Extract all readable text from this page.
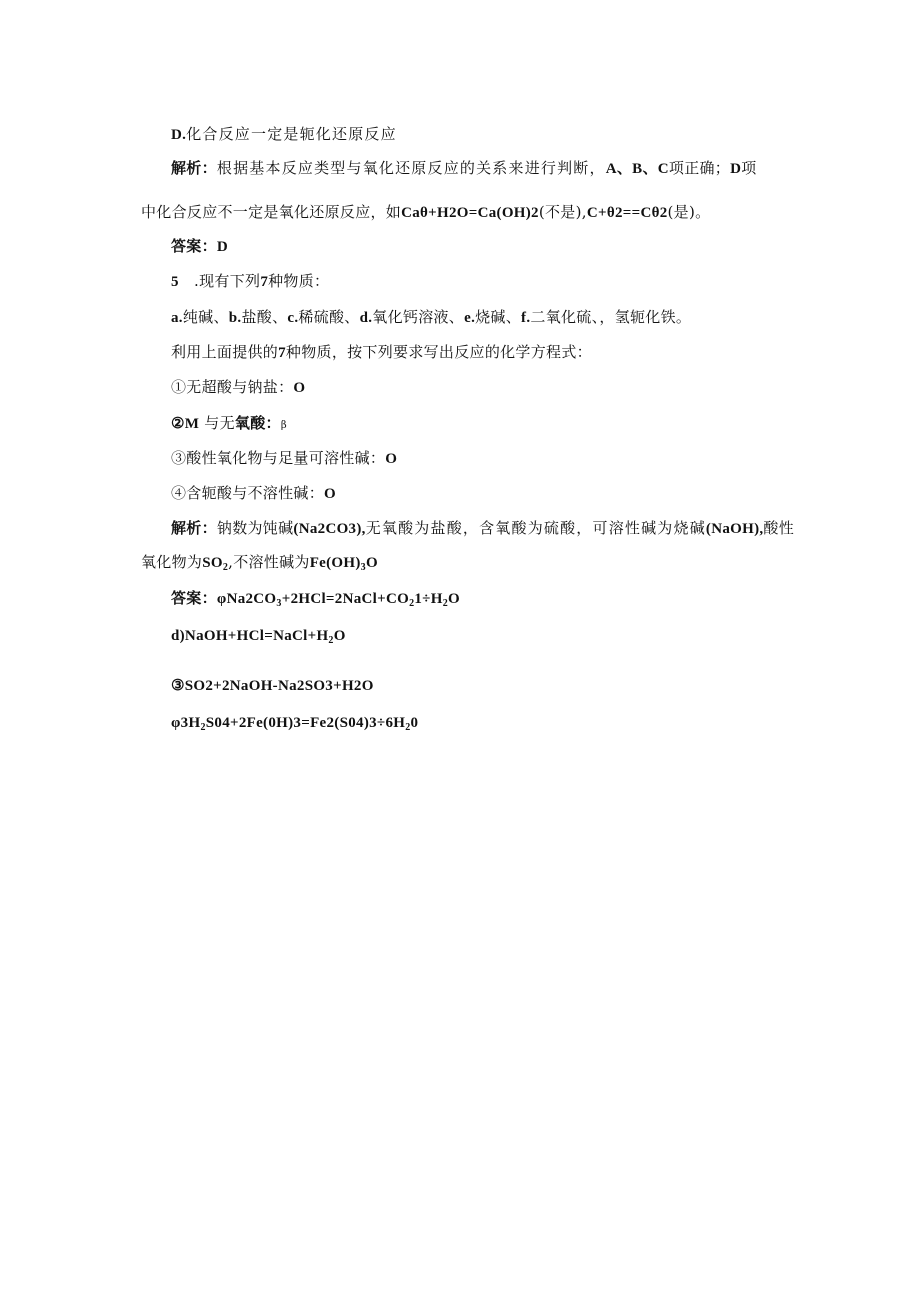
D.化合反应一定是轭化还原反应
解析：根据基本反应类型与氧化还原反应的关系来进行判断，A、B、C项正确；D项
中化合反应不一定是氧化还原反应，如Caθ+H2O=Ca(OH)2(不是),C+θ2==Cθ2(是)。
答案：D
5 .现有下列7种物质：
a.纯碱、b.盐酸、c.稀硫酸、d.氧化钙溶液、e.烧碱、f.二氧化硫、，氢轭化铁。
利用上面提供的7种物质，按下列要求写出反应的化学方程式：
①无超酸与钠盐：O
②M 与无氧酸：β
③酸性氧化物与足量可溶性碱：O
④含轭酸与不溶性碱：O
解析：钠数为饨碱(Na2CO3),无氧酸为盐酸，含氧酸为硫酸，可溶性碱为烧碱(NaOH),酸性
氧化物为$SO_2$,不溶性碱为$Fe(OH)_3O$
答案：$\varphi Na2CO_3+2HCl=2NaCl+CO_21\div H_2O$
$d)NaOH+HCl=NaCl+H_2O$
③SO2+2NaOH-Na2SO3+H2O
$\varphi 3H_2S04+2Fe(0H)3=Fe2(S04)3\div 6H_20$
